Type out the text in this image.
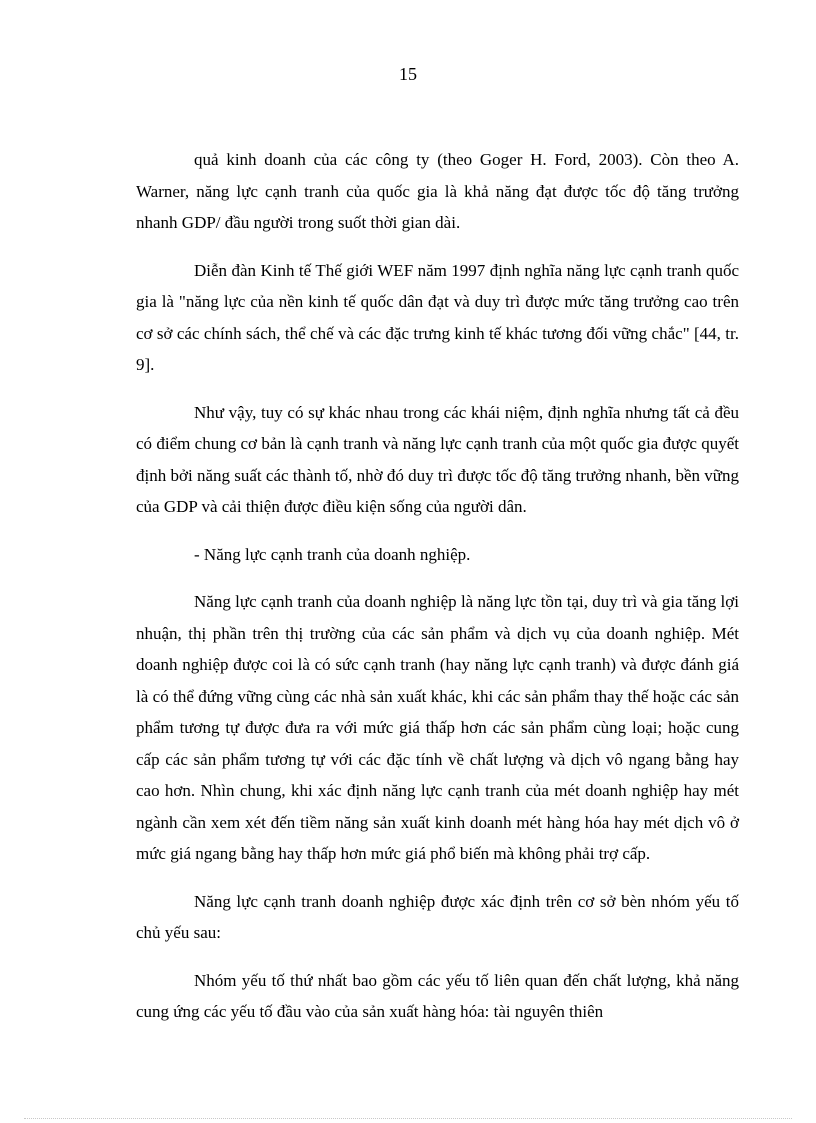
15

quả kinh doanh của các công ty (theo Goger H. Ford, 2003). Còn theo A. Warner, năng lực cạnh tranh của quốc gia là khả năng đạt được tốc độ tăng trưởng nhanh GDP/ đầu người trong suốt thời gian dài.

Diễn đàn Kinh tế Thế giới WEF năm 1997 định nghĩa năng lực cạnh tranh quốc gia là "năng lực của nền kinh tế quốc dân đạt và duy trì được mức tăng trưởng cao trên cơ sở các chính sách, thể chế và các đặc trưng kinh tế khác tương đối vững chắc" [44, tr. 9].

Như vậy, tuy có sự khác nhau trong các khái niệm, định nghĩa nhưng tất cả đều có điểm chung cơ bản là cạnh tranh và năng lực cạnh tranh của một quốc gia được quyết định bởi năng suất các thành tố, nhờ đó duy trì được tốc độ tăng trưởng nhanh, bền vững của GDP và cải thiện được điều kiện sống của người dân.

- Năng lực cạnh tranh của doanh nghiệp.

Năng lực cạnh tranh của doanh nghiệp là năng lực tồn tại, duy trì và gia tăng lợi nhuận, thị phần trên thị trường của các sản phẩm và dịch vụ của doanh nghiệp. Mét doanh nghiệp được coi là có sức cạnh tranh (hay năng lực cạnh tranh) và được đánh giá là có thể đứng vững cùng các nhà sản xuất khác, khi các sản phẩm thay thế hoặc các sản phẩm tương tự được đưa ra với mức giá thấp hơn các sản phẩm cùng loại; hoặc cung cấp các sản phẩm tương tự với các đặc tính về chất lượng và dịch vô ngang bằng hay cao hơn. Nhìn chung, khi xác định năng lực cạnh tranh của mét doanh nghiệp hay mét ngành cần xem xét đến tiềm năng sản xuất kinh doanh mét hàng hóa hay mét dịch vô ở mức giá ngang bằng hay thấp hơn mức giá phổ biến mà không phải trợ cấp.

Năng lực cạnh tranh doanh nghiệp được xác định trên cơ sở bèn nhóm yếu tố chủ yếu sau:

Nhóm yếu tố thứ nhất bao gồm các yếu tố liên quan đến chất lượng, khả năng cung ứng các yếu tố đầu vào của sản xuất hàng hóa: tài nguyên thiên
